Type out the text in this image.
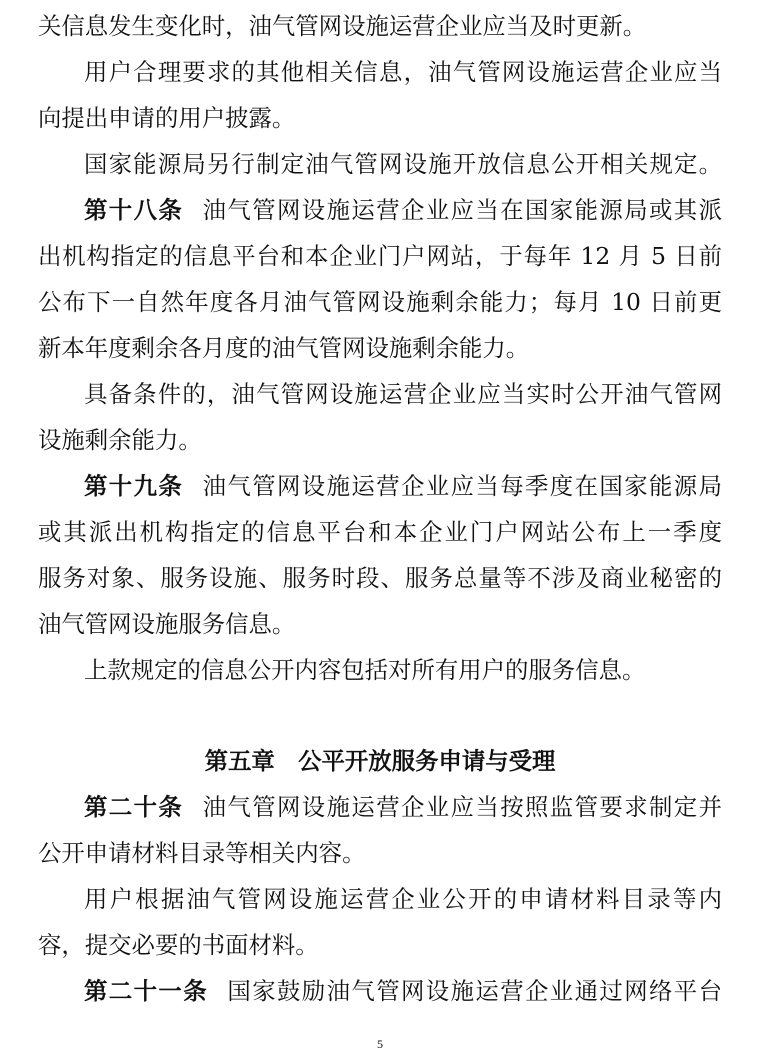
关信息发生变化时，油气管网设施运营企业应当及时更新。
用户合理要求的其他相关信息，油气管网设施运营企业应当
向提出申请的用户披露。
国家能源局另行制定油气管网设施开放信息公开相关规定。
第十八条 油气管网设施运营企业应当在国家能源局或其派
出机构指定的信息平台和本企业门户网站，于每年 12 月 5 日前
公布下一自然年度各月油气管网设施剩余能力；每月 10 日前更
新本年度剩余各月度的油气管网设施剩余能力。
具备条件的，油气管网设施运营企业应当实时公开油气管网
设施剩余能力。
第十九条 油气管网设施运营企业应当每季度在国家能源局
或其派出机构指定的信息平台和本企业门户网站公布上一季度
服务对象、服务设施、服务时段、服务总量等不涉及商业秘密的
油气管网设施服务信息。
上款规定的信息公开内容包括对所有用户的服务信息。
第五章　公平开放服务申请与受理
第二十条 油气管网设施运营企业应当按照监管要求制定并
公开申请材料目录等相关内容。
用户根据油气管网设施运营企业公开的申请材料目录等内
容，提交必要的书面材料。
第二十一条 国家鼓励油气管网设施运营企业通过网络平台
5
